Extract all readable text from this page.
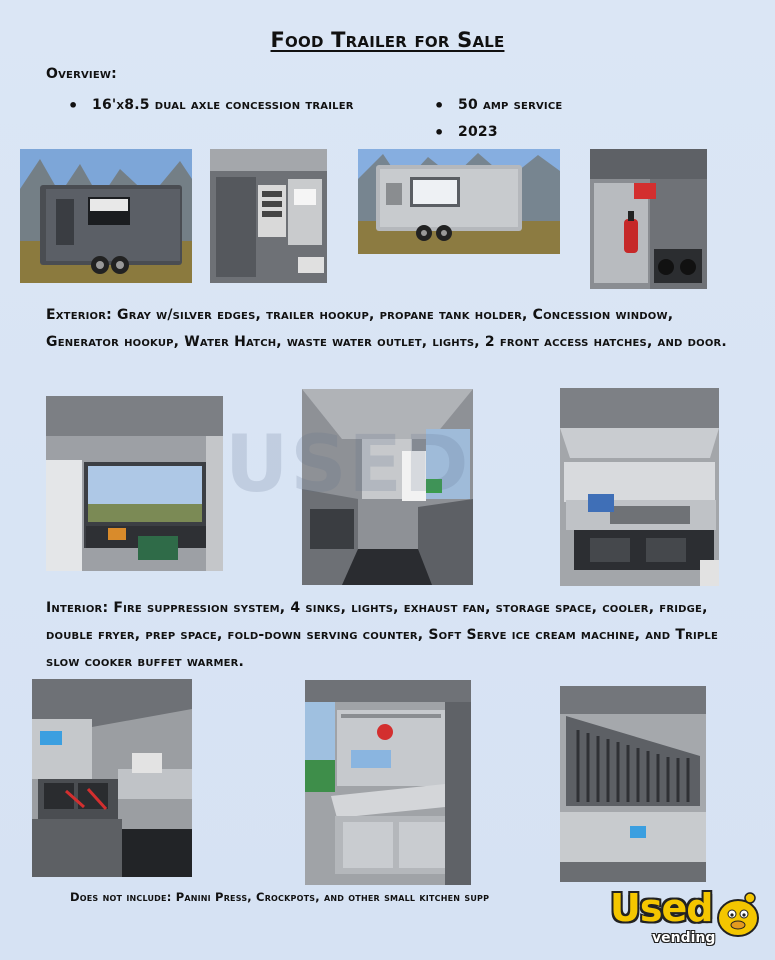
Food Trailer for Sale
Overview:
• 16'x8.5 dual axle concession trailer
•	50 amp service
• 2023
Exterior: Gray w/silver edges, trailer hookup, propane tank holder, Concession window, Generator hookup, Water Hatch, waste water outlet, lights, 2 front access hatches, and door.
USED
Interior: Fire suppression system, 4 sinks, lights, exhaust fan, storage space, cooler, fridge, double fryer, prep space, fold-down serving counter, Soft Serve ice cream machine, and Triple slow cooker buffet warmer.
Does not include: Panini Press, Crockpots, and other small kitchen supp	Used
vending
